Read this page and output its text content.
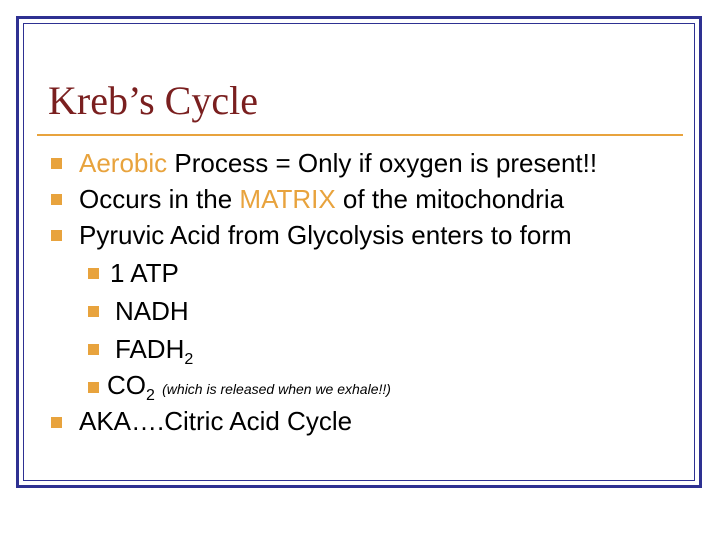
Kreb’s Cycle
Aerobic Process = Only if oxygen is present!!
Occurs in the MATRIX of the mitochondria
Pyruvic Acid from Glycolysis enters to form
1 ATP
NADH
$FADH_2$
$CO_2$ (which is released when we exhale!!)
AKA….Citric Acid Cycle
